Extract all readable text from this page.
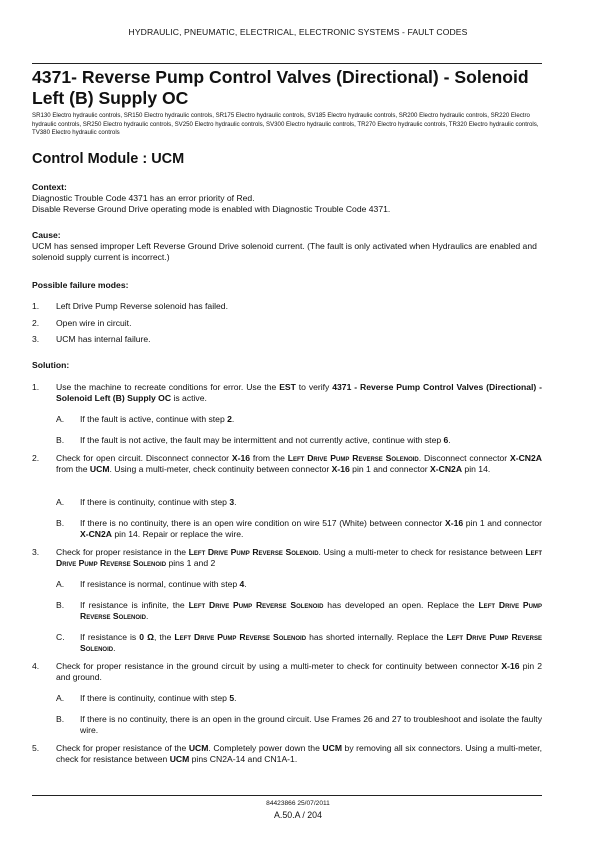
HYDRAULIC, PNEUMATIC, ELECTRICAL, ELECTRONIC SYSTEMS - FAULT CODES
4371- Reverse Pump Control Valves (Directional) - Solenoid Left (B) Supply OC
SR130 Electro hydraulic controls, SR150 Electro hydraulic controls, SR175 Electro hydraulic controls, SV185 Electro hydraulic controls, SR200 Electro hydraulic controls, SR220 Electro hydraulic controls, SR250 Electro hydraulic controls, SV250 Electro hydraulic controls, SV300 Electro hydraulic controls, TR270 Electro hydraulic controls, TR320 Electro hydraulic controls, TV380 Electro hydraulic controls
Control Module : UCM
Context:
Diagnostic Trouble Code 4371 has an error priority of Red.
Disable Reverse Ground Drive operating mode is enabled with Diagnostic Trouble Code 4371.
Cause:
UCM has sensed improper Left Reverse Ground Drive solenoid current. (The fault is only activated when Hydraulics are enabled and solenoid supply current is incorrect.)
Possible failure modes:
1. Left Drive Pump Reverse solenoid has failed.
2. Open wire in circuit.
3. UCM has internal failure.
Solution:
1. Use the machine to recreate conditions for error. Use the EST to verify 4371 - Reverse Pump Control Valves (Directional) - Solenoid Left (B) Supply OC is active.
A. If the fault is active, continue with step 2.
B. If the fault is not active, the fault may be intermittent and not currently active, continue with step 6.
2. Check for open circuit. Disconnect connector X-16 from the Left Drive Pump Reverse Solenoid. Disconnect connector X-CN2A from the UCM. Using a multi-meter, check continuity between connector X-16 pin 1 and connector X-CN2A pin 14.
A. If there is continuity, continue with step 3.
B. If there is no continuity, there is an open wire condition on wire 517 (White) between connector X-16 pin 1 and connector X-CN2A pin 14. Repair or replace the wire.
3. Check for proper resistance in the Left Drive Pump Reverse Solenoid. Using a multi-meter to check for resistance between Left Drive Pump Reverse Solenoid pins 1 and 2
A. If resistance is normal, continue with step 4.
B. If resistance is infinite, the Left Drive Pump Reverse Solenoid has developed an open. Replace the Left Drive Pump Reverse Solenoid.
C. If resistance is 0 Ω, the Left Drive Pump Reverse Solenoid has shorted internally. Replace the Left Drive Pump Reverse Solenoid.
4. Check for proper resistance in the ground circuit by using a multi-meter to check for continuity between connector X-16 pin 2 and ground.
A. If there is continuity, continue with step 5.
B. If there is no continuity, there is an open in the ground circuit. Use Frames 26 and 27 to troubleshoot and isolate the faulty wire.
5. Check for proper resistance of the UCM. Completely power down the UCM by removing all six connectors. Using a multi-meter, check for resistance between UCM pins CN2A-14 and CN1A-1.
84423866 25/07/2011
A.50.A / 204
